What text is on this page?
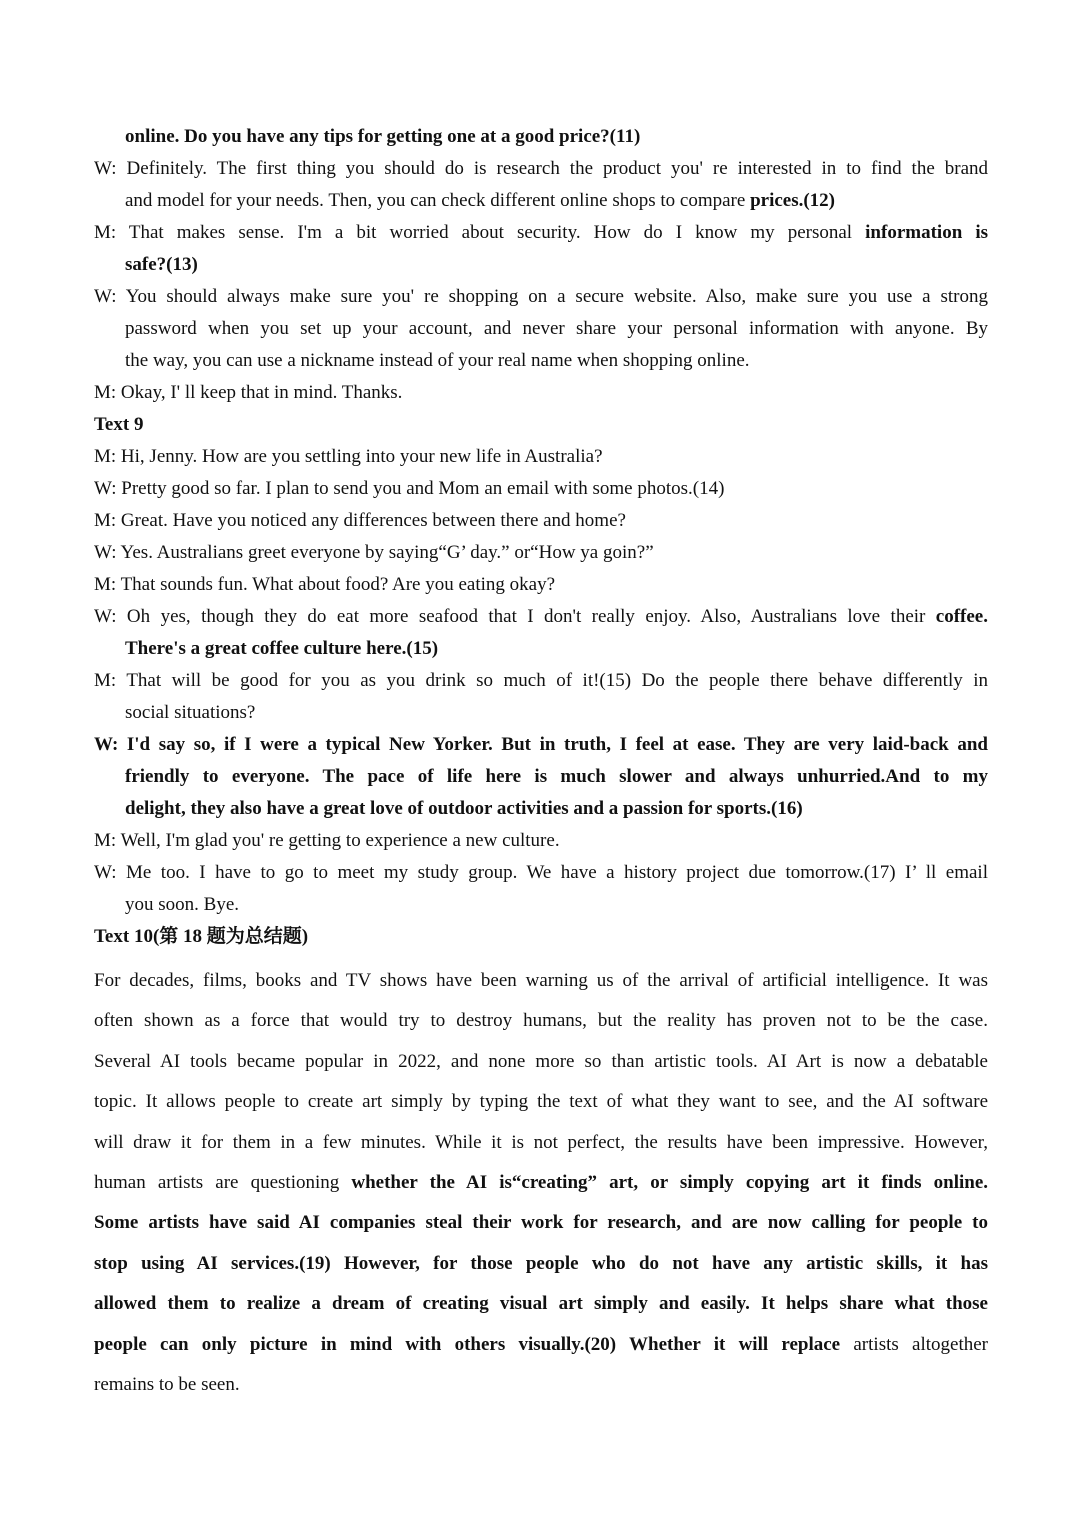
online. Do you have any tips for getting one at a good price?(11)
W: Definitely. The first thing you should do is research the product you' re interested in to find the brand
and model for your needs. Then, you can check different online shops to compare prices.(12)
M: That makes sense. I'm a bit worried about security. How do I know my personal information is
safe?(13)
W: You should always make sure you' re shopping on a secure website. Also, make sure you use a strong
password when you set up your account, and never share your personal information with anyone. By
the way, you can use a nickname instead of your real name when shopping online.
M: Okay, I' ll keep that in mind. Thanks.
Text 9
M: Hi, Jenny. How are you settling into your new life in Australia?
W: Pretty good so far. I plan to send you and Mom an email with some photos.(14)
M: Great. Have you noticed any differences between there and home?
W: Yes. Australians greet everyone by saying“G’ day.” or“How ya goin?”
M: That sounds fun. What about food? Are you eating okay?
W: Oh yes, though they do eat more seafood that I don't really enjoy. Also, Australians love their coffee.
There's a great coffee culture here.(15)
M: That will be good for you as you drink so much of it!(15) Do the people there behave differently in
social situations?
W: I'd say so, if I were a typical New Yorker. But in truth, I feel at ease. They are very laid-back and
friendly to everyone. The pace of life here is much slower and always unhurried.And to my
delight, they also have a great love of outdoor activities and a passion for sports.(16)
M: Well, I'm glad you' re getting to experience a new culture.
W: Me too. I have to go to meet my study group. We have a history project due tomorrow.(17) I’ ll email
you soon. Bye.
Text 10(第 18 题为总结题)
For decades, films, books and TV shows have been warning us of the arrival of artificial intelligence. It was
often shown as a force that would try to destroy humans, but the reality has proven not to be the case.
Several AI tools became popular in 2022, and none more so than artistic tools. AI Art is now a debatable
topic. It allows people to create art simply by typing the text of what they want to see, and the AI software
will draw it for them in a few minutes. While it is not perfect, the results have been impressive. However,
human artists are questioning whether the AI is“creating” art, or simply copying art it finds online.
Some artists have said AI companies steal their work for research, and are now calling for people to
stop using AI services.(19) However, for those people who do not have any artistic skills, it has
allowed them to realize a dream of creating visual art simply and easily. It helps share what those
people can only picture in mind with others visually.(20) Whether it will replace artists altogether
remains to be seen.
